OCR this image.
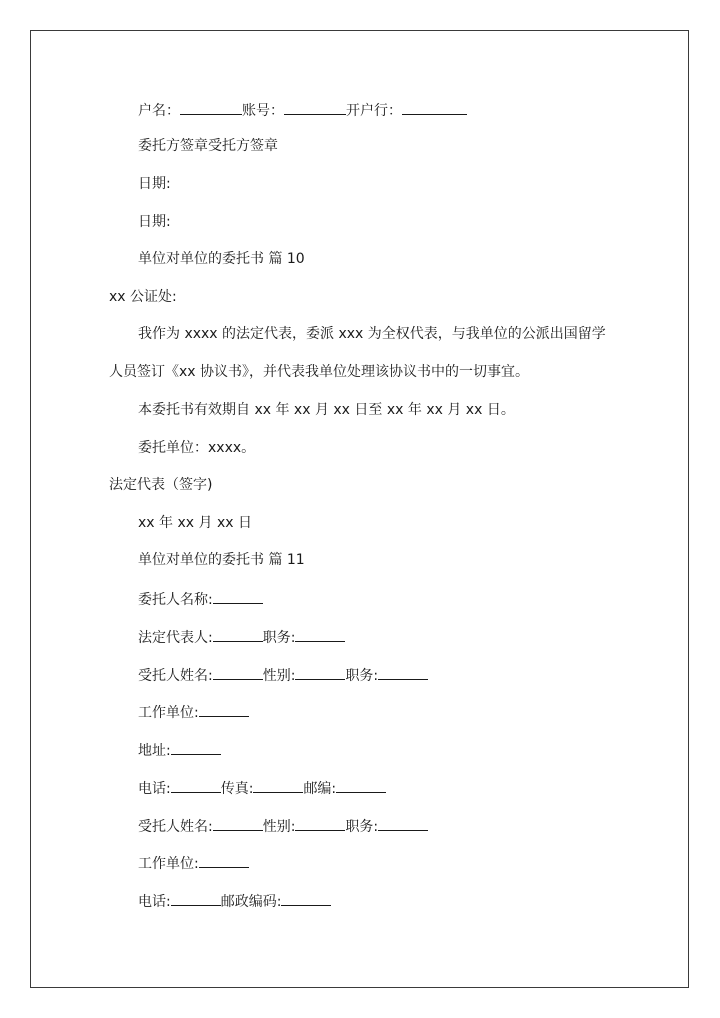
户名：	账号：	开户行：
委托方签章受托方签章
日期:
日期:
单位对单位的委托书 篇 10
xx 公证处:
我作为 xxxx 的法定代表，委派 xxx 为全权代表，与我单位的公派出国留学
人员签订《xx 协议书》，并代表我单位处理该协议书中的一切事宜。
本委托书有效期自 xx 年 xx 月 xx 日至 xx 年 xx 月 xx 日。
委托单位：xxxx。
法定代表（签字)
xx 年 xx 月 xx 日
单位对单位的委托书 篇 11
委托人名称:
法定代表人:	职务:
受托人姓名:	性别:	职务:
工作单位:
地址:
电话:	传真:	邮编:
受托人姓名:	性别:	职务:
工作单位:
电话:	邮政编码:
